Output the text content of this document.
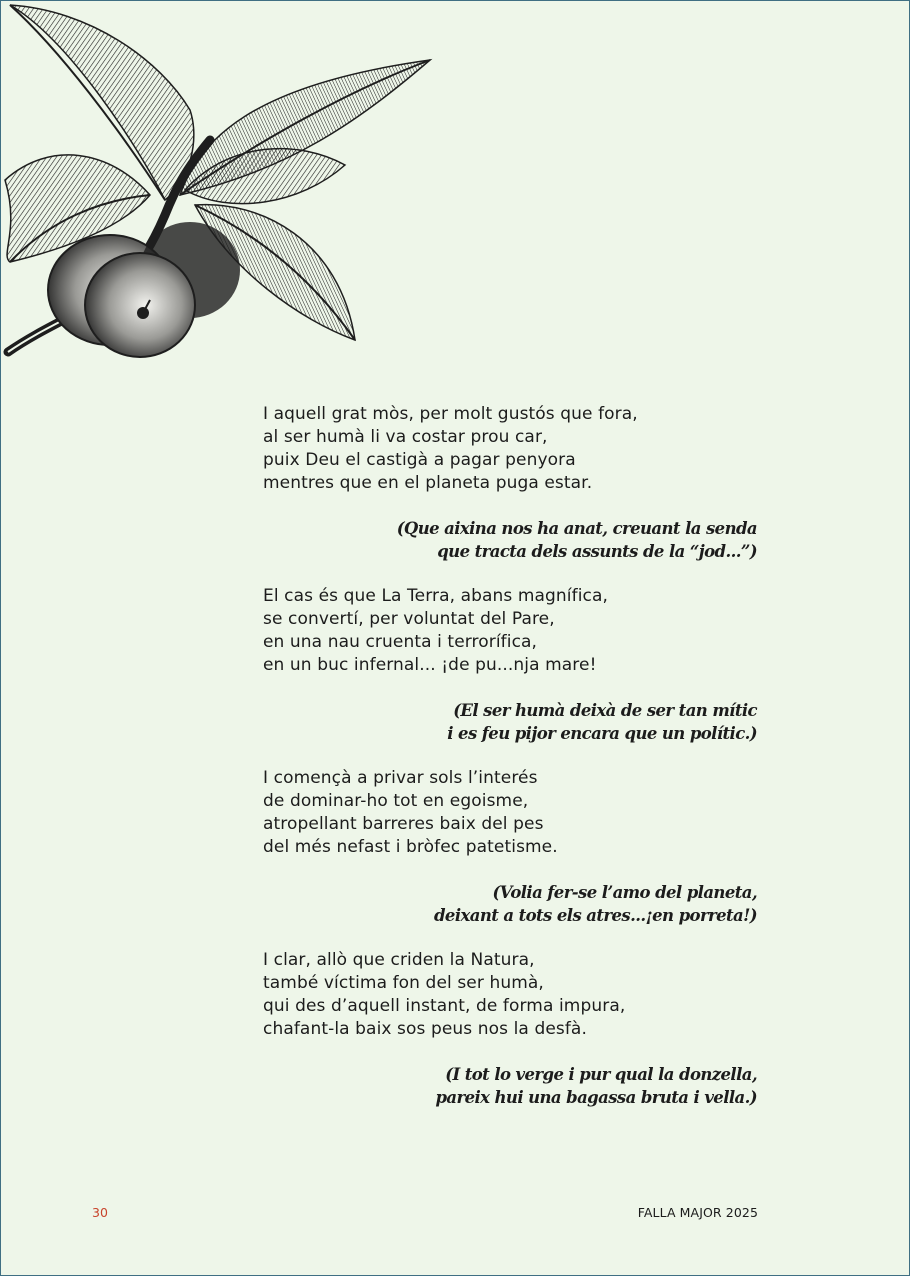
I aquell grat mòs, per molt gustós que fora,
al ser humà li va costar prou car,
puix Deu el castigà a pagar penyora
mentres que en el planeta puga estar.
(Que aixina nos ha anat, creuant la senda
que tracta dels assunts de la “jod...”)
El cas és que La Terra, abans magnífica,
se convertí, per voluntat del Pare,
en una nau cruenta i terrorífica,
en un buc infernal... ¡de pu...nja mare!
(El ser humà deixà de ser tan mític
i es feu pijor encara que un polític.)
I començà a privar sols l’interés
de dominar-ho tot en egoisme,
atropellant barreres baix del pes
del més nefast i bròfec patetisme.
(Volia fer-se l’amo del planeta,
deixant a tots els atres...¡en porreta!)
I clar, allò que criden la Natura,
també víctima fon del ser humà,
qui des d’aquell instant, de forma impura,
chafant-la baix sos peus nos la desfà.
(I tot lo verge i pur qual la donzella,
pareix hui una bagassa bruta i vella.)
30	FALLA MAJOR 2025
